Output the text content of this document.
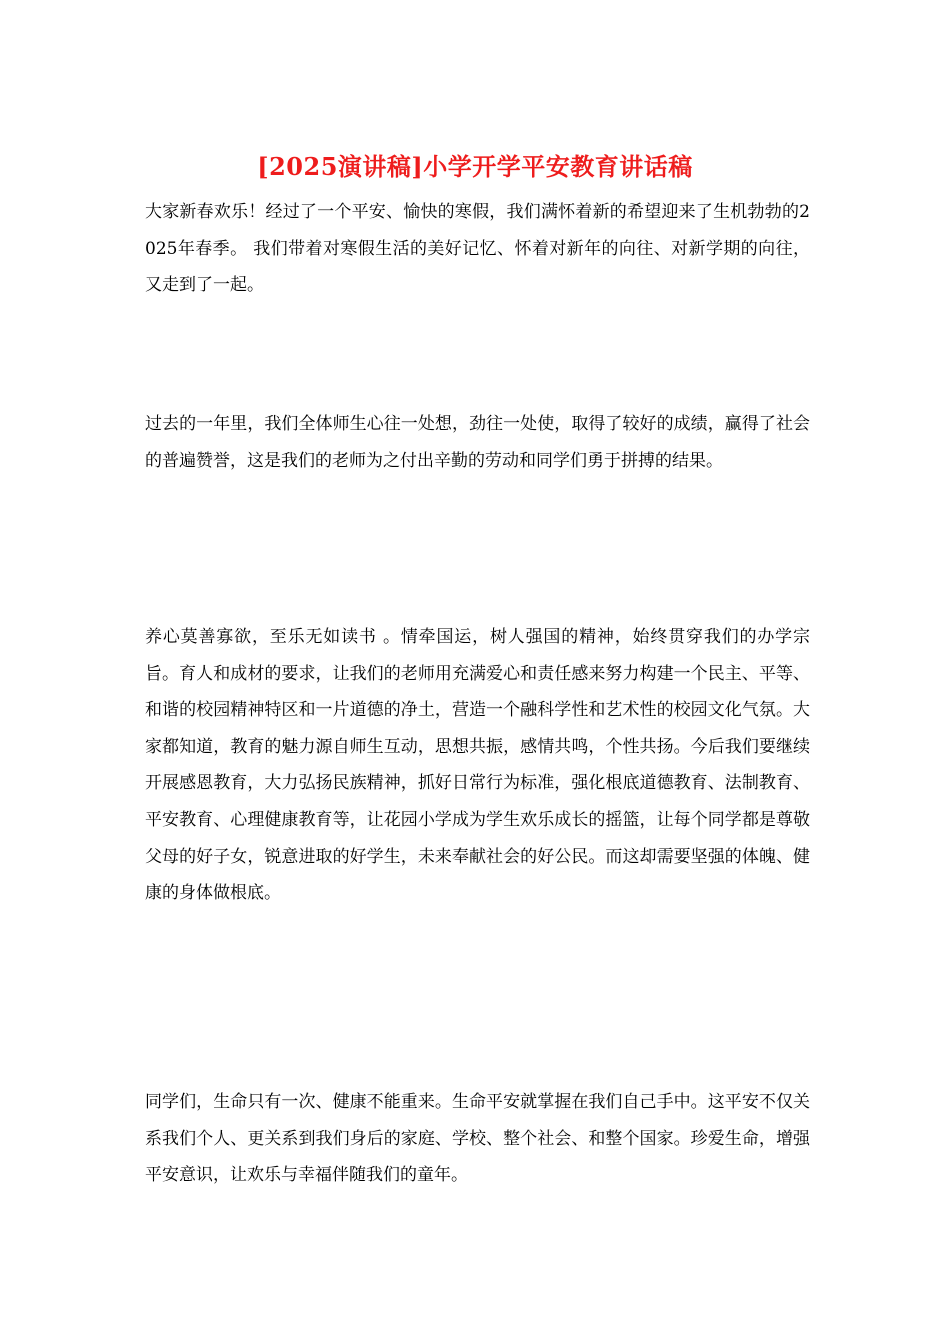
[2025演讲稿]小学开学平安教育讲话稿

大家新春欢乐！经过了一个平安、愉快的寒假，我们满怀着新的希望迎来了生机勃勃的2025年春季。 我们带着对寒假生活的美好记忆、怀着对新年的向往、对新学期的向往，又走到了一起。

过去的一年里，我们全体师生心往一处想，劲往一处使，取得了较好的成绩，赢得了社会的普遍赞誉，这是我们的老师为之付出辛勤的劳动和同学们勇于拼搏的结果。

养心莫善寡欲，至乐无如读书 。情牵国运，树人强国的精神，始终贯穿我们的办学宗旨。育人和成材的要求，让我们的老师用充满爱心和责任感来努力构建一个民主、平等、和谐的校园精神特区和一片道德的净土，营造一个融科学性和艺术性的校园文化气氛。大家都知道，教育的魅力源自师生互动，思想共振，感情共鸣，个性共扬。今后我们要继续开展感恩教育，大力弘扬民族精神，抓好日常行为标准，强化根底道德教育、法制教育、平安教育、心理健康教育等，让花园小学成为学生欢乐成长的摇篮，让每个同学都是尊敬父母的好子女，锐意进取的好学生，未来奉献社会的好公民。而这却需要坚强的体魄、健康的身体做根底。

同学们，生命只有一次、健康不能重来。生命平安就掌握在我们自己手中。这平安不仅关系我们个人、更关系到我们身后的家庭、学校、整个社会、和整个国家。珍爱生命，增强平安意识，让欢乐与幸福伴随我们的童年。
